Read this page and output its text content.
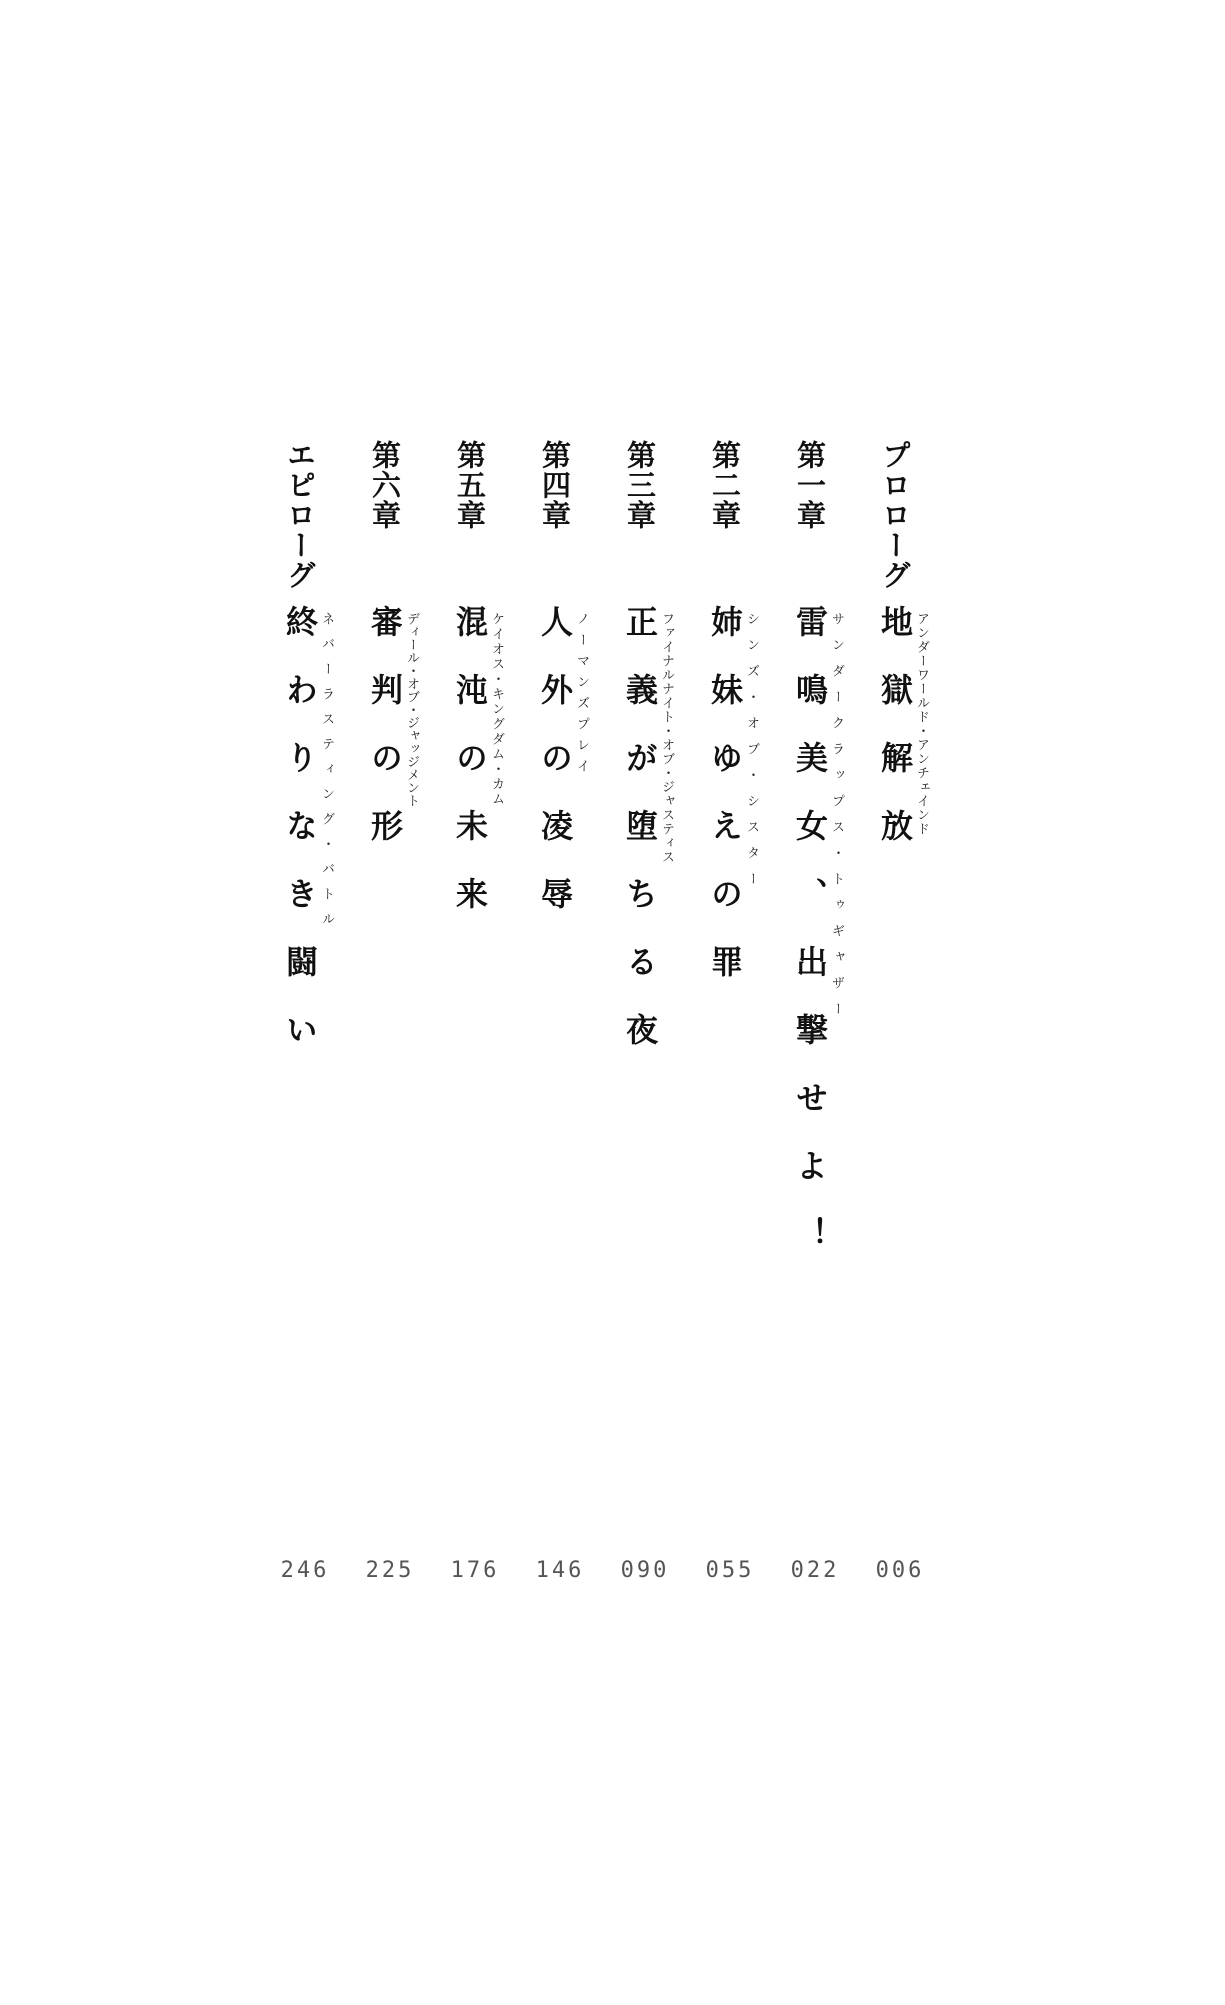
プロローグ
地獄解放 アンダーワールド・アンチェインド
006
第一章
雷鳴美女、出撃せよ！ サンダークラップス・トゥギャザー
022
第二章
姉妹ゆえの罪 シンズ・オブ・シスター
055
第三章
正義が堕ちる夜 ファイナルナイト・オブ・ジャスティス
090
第四章
人外の凌辱 ノーマンズプレイ
146
第五章
混沌の未来 ケイオス・キングダム・カム
176
第六章
審判の形 ディール・オブ・ジャッジメント
225
エピローグ
終わりなき闘い ネバーラスティング・バトル
246
